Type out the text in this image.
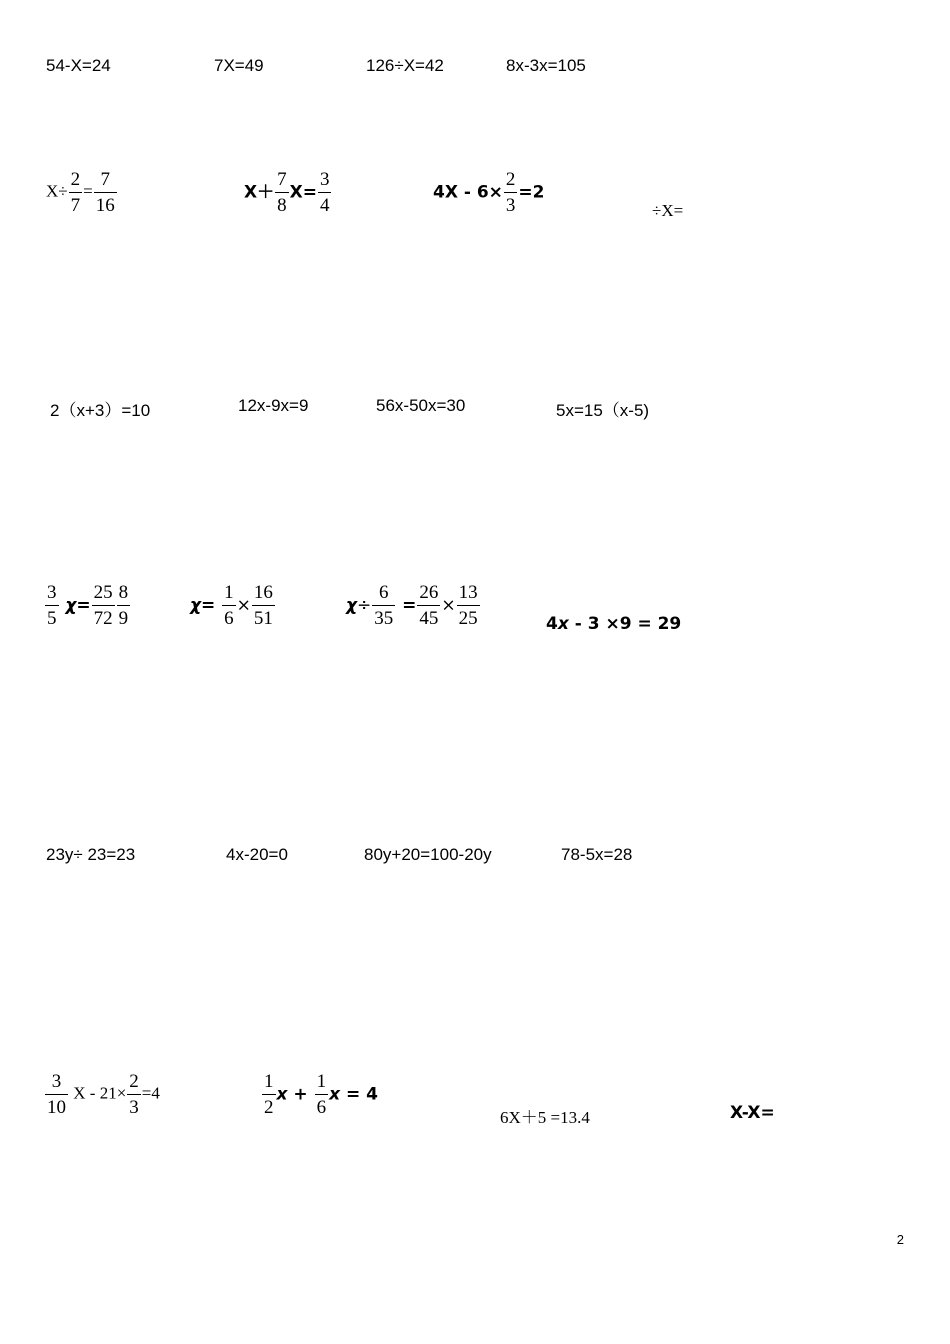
54-X=24	7X=49	126÷X=42	8x-3x=105
$X\div \frac{2}{7} = \frac{7}{16}$	$X+ \frac{7}{8} X= \frac{3}{4}$	$4X - 6\times \frac{2}{3} =2$
÷X=
2（x+3）=10	12x-9x=9	56x-50x=30	5x=15（x-5)
$\frac{3}{5} \chi= \frac{25}{72} \frac{8}{9}$	$\chi= \frac{1}{6} \times \frac{16}{51}$	$\chi\div \frac{6}{35} = \frac{26}{45} \times \frac{13}{25}$	4x - 3 ×9 = 29
23y÷ 23=23	4x-20=0	80y+20=100-20y	78-5x=28
$\frac{3}{10}$ $X - 21\times \frac{2}{3} =4$	$\frac{1}{2}$ $x + \frac{1}{6}$ x = 4
6X＋5 =13.4	X-X=
2
